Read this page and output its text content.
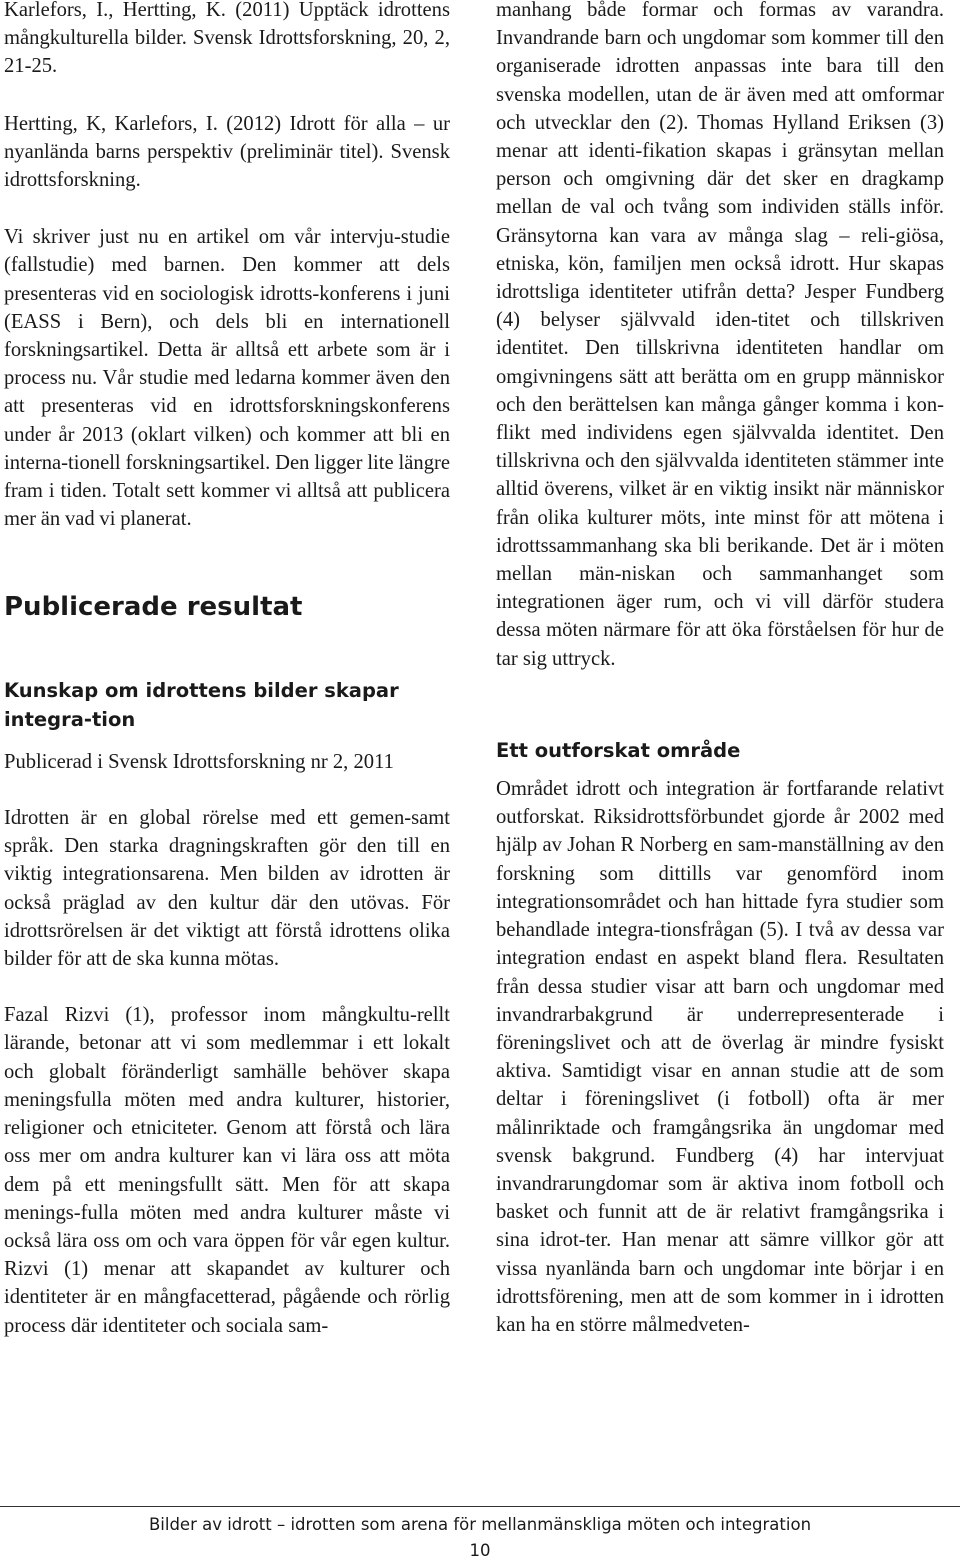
Karlefors, I., Hertting, K. (2011) Upptäck idrottens mångkulturella bilder. Svensk Idrottsforskning, 20, 2, 21-25.

Hertting, K, Karlefors, I. (2012) Idrott för alla – ur nyanlända barns perspektiv (preliminär titel). Svensk idrottsforskning.

Vi skriver just nu en artikel om vår intervju-studie (fallstudie) med barnen. Den kommer att dels presenteras vid en sociologisk idrotts-konferens i juni (EASS i Bern), och dels bli en internationell forskningsartikel. Detta är alltså ett arbete som är i process nu. Vår studie med ledarna kommer även den att presenteras vid en idrottsforskningskonferens under år 2013 (oklart vilken) och kommer att bli en interna-tionell forskningsartikel. Den ligger lite längre fram i tiden. Totalt sett kommer vi alltså att publicera mer än vad vi planerat.

Publicerade resultat
Kunskap om idrottens bilder skapar integra-tion

Publicerad i Svensk Idrottsforskning nr 2, 2011

Idrotten är en global rörelse med ett gemen-samt språk. Den starka dragningskraften gör den till en viktig integrationsarena. Men bilden av idrotten är också präglad av den kultur där den utövas. För idrottsrörelsen är det viktigt att förstå idrottens olika bilder för att de ska kunna mötas.

Fazal Rizvi (1), professor inom mångkultu-rellt lärande, betonar att vi som medlemmar i ett lokalt och globalt föränderligt samhälle behöver skapa meningsfulla möten med andra kulturer, historier, religioner och etniciteter. Genom att förstå och lära oss mer om andra kulturer kan vi lära oss att möta dem på ett meningsfullt sätt. Men för att skapa menings-fulla möten med andra kulturer måste vi också lära oss om och vara öppen för vår egen kultur. Rizvi (1) menar att skapandet av kulturer och identiteter är en mångfacetterad, pågående och rörlig process där identiteter och sociala sam-

manhang både formar och formas av varandra. Invandrande barn och ungdomar som kommer till den organiserade idrotten anpassas inte bara till den svenska modellen, utan de är även med att omformar och utvecklar den (2). Thomas Hylland Eriksen (3) menar att identi-fikation skapas i gränsytan mellan person och omgivning där det sker en dragkamp mellan de val och tvång som individen ställs inför. Gränsytorna kan vara av många slag – reli-giösa, etniska, kön, familjen men också idrott. Hur skapas idrottsliga identiteter utifrån detta? Jesper Fundberg (4) belyser självvald iden-titet och tillskriven identitet. Den tillskrivna identiteten handlar om omgivningens sätt att berätta om en grupp människor och den berättelsen kan många gånger komma i kon-flikt med individens egen självvalda identitet. Den tillskrivna och den självvalda identiteten stämmer inte alltid överens, vilket är en viktig insikt när människor från olika kulturer möts, inte minst för att mötena i idrottssammanhang ska bli berikande. Det är i möten mellan män-niskan och sammanhanget som integrationen äger rum, och vi vill därför studera dessa möten närmare för att öka förståelsen för hur de tar sig uttryck.

Ett outforskat område

Området idrott och integration är fortfarande relativt outforskat. Riksidrottsförbundet gjorde år 2002 med hjälp av Johan R Norberg en sam-manställning av den forskning som dittills var genomförd inom integrationsområdet och han hittade fyra studier som behandlade integra-tionsfrågan (5). I två av dessa var integration endast en aspekt bland flera. Resultaten från dessa studier visar att barn och ungdomar med invandrarbakgrund är underrepresenterade i föreningslivet och att de överlag är mindre fysiskt aktiva. Samtidigt visar en annan studie att de som deltar i föreningslivet (i fotboll) ofta är mer målinriktade och framgångsrika än ungdomar med svensk bakgrund. Fundberg (4) har intervjuat invandrarungdomar som är aktiva inom fotboll och basket och funnit att de är relativt framgångsrika i sina idrot-ter. Han menar att sämre villkor gör att vissa nyanlända barn och ungdomar inte börjar i en idrottsförening, men att de som kommer in i idrotten kan ha en större målmedveten-

Bilder av idrott – idrotten som arena för mellanmänskliga möten och integration
10
